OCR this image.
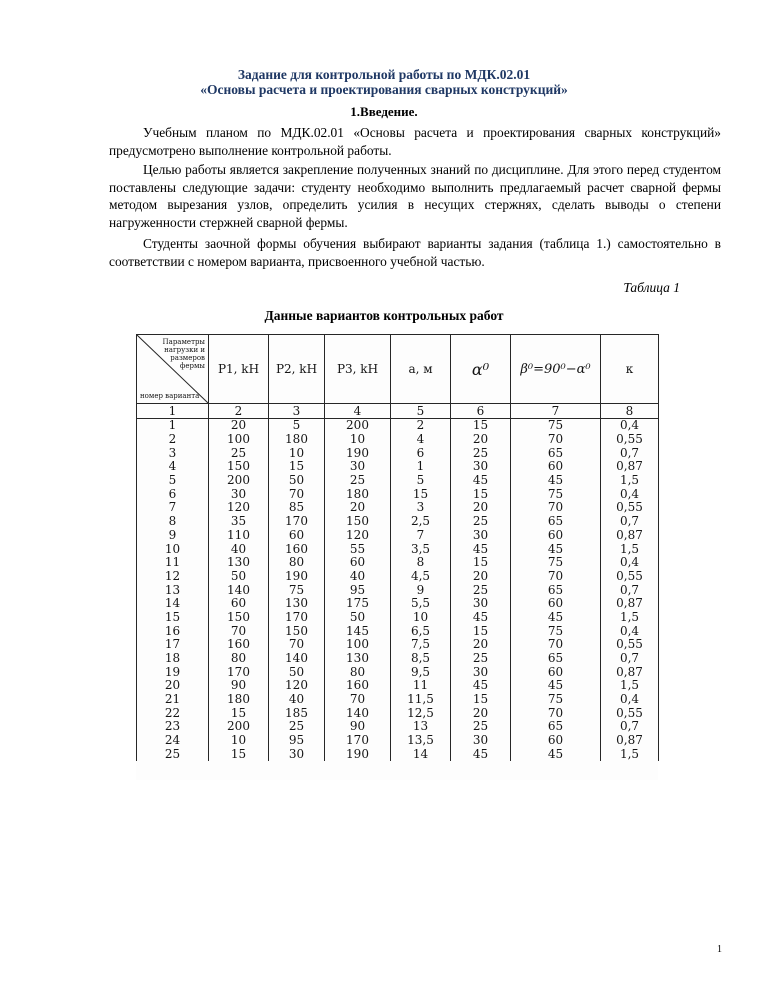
Задание для контрольной работы по МДК.02.01
«Основы расчета и проектирования сварных конструкций»
1.Введение.

Учебным планом по МДК.02.01 «Основы расчета и проектирования сварных конструкций» предусмотрено выполнение контрольной работы.

Целью работы является закрепление полученных знаний по дисциплине. Для этого перед студентом поставлены следующие задачи: студенту необходимо выполнить предлагаемый расчет сварной фермы методом вырезания узлов, определить усилия в несущих стержнях, сделать выводы о степени нагруженности стержней сварной фермы.

Студенты заочной формы обучения выбирают варианты задания (таблица 1.) самостоятельно в соответствии с номером варианта, присвоенного учебной частью.

Таблица 1
Данные вариантов контрольных работ
Параметры нагрузки и размеров фермы
номер варианта	P1, kH	P2, kH	P3, kH	a, м	α⁰	β⁰=90⁰−α⁰	к
1	2	3	4	5	6	7	8
1	20	5	200	2	15	75	0,4
2	100	180	10	4	20	70	0,55
3	25	10	190	6	25	65	0,7
4	150	15	30	1	30	60	0,87
5	200	50	25	5	45	45	1,5
6	30	70	180	15	15	75	0,4
7	120	85	20	3	20	70	0,55
8	35	170	150	2,5	25	65	0,7
9	110	60	120	7	30	60	0,87
10	40	160	55	3,5	45	45	1,5
11	130	80	60	8	15	75	0,4
12	50	190	40	4,5	20	70	0,55
13	140	75	95	9	25	65	0,7
14	60	130	175	5,5	30	60	0,87
15	150	170	50	10	45	45	1,5
16	70	150	145	6,5	15	75	0,4
17	160	70	100	7,5	20	70	0,55
18	80	140	130	8,5	25	65	0,7
19	170	50	80	9,5	30	60	0,87
20	90	120	160	11	45	45	1,5
21	180	40	70	11,5	15	75	0,4
22	15	185	140	12,5	20	70	0,55
23	200	25	90	13	25	65	0,7
24	10	95	170	13,5	30	60	0,87
25	15	30	190	14	45	45	1,5
1
